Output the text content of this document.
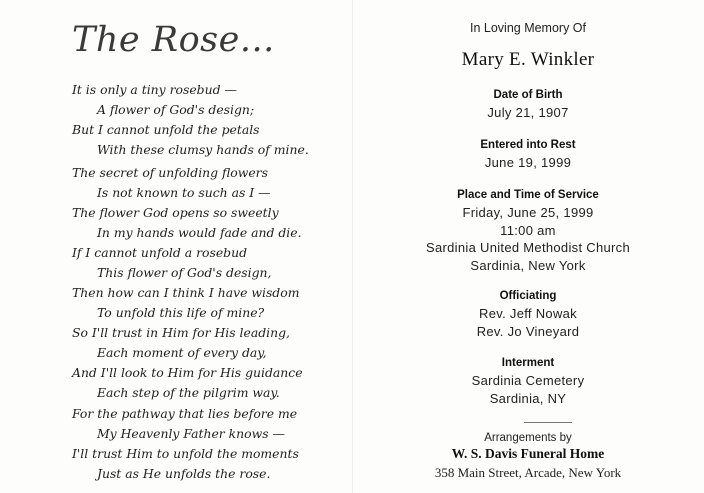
The Rose...
It is only a tiny rosebud —
A flower of God's design;
But I cannot unfold the petals
With these clumsy hands of mine.
The secret of unfolding flowers
Is not known to such as I —
The flower God opens so sweetly
In my hands would fade and die.
If I cannot unfold a rosebud
This flower of God's design,
Then how can I think I have wisdom
To unfold this life of mine?
So I'll trust in Him for His leading,
Each moment of every day,
And I'll look to Him for His guidance
Each step of the pilgrim way.
For the pathway that lies before me
My Heavenly Father knows —
I'll trust Him to unfold the moments
Just as He unfolds the rose.
In Loving Memory Of
Mary E. Winkler
Date of Birth
July 21, 1907
Entered into Rest
June 19, 1999
Place and Time of Service
Friday, June 25, 1999
11:00 am
Sardinia United Methodist Church
Sardinia, New York
Officiating
Rev. Jeff Nowak
Rev. Jo Vineyard
Interment
Sardinia Cemetery
Sardinia, NY
Arrangements by
W. S. Davis Funeral Home
358 Main Street, Arcade, New York
